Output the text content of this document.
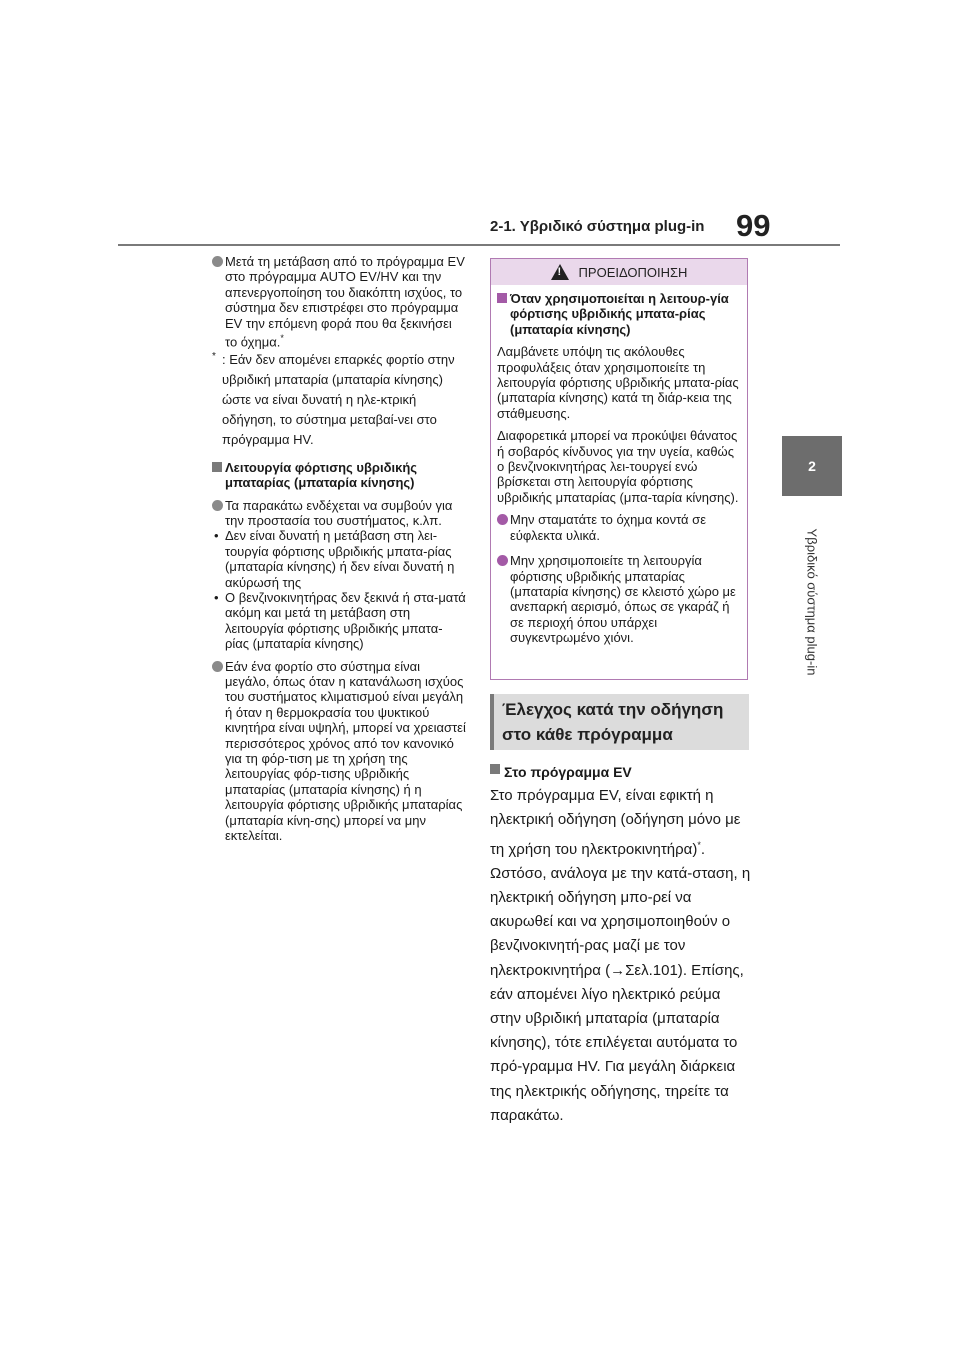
2-1. Υβριδικό σύστημα plug-in 99
2
Υβριδικό σύστημα plug-in
Μετά τη μετάβαση από το πρόγραμμα EV στο πρόγραμμα AUTO EV/HV και την απενεργοποίηση του διακόπτη ισχύος, το σύστημα δεν επιστρέφει στο πρόγραμμα EV την επόμενη φορά που θα ξεκινήσει το όχημα.*
* : Εάν δεν απομένει επαρκές φορτίο στην υβριδική μπαταρία (μπαταρία κίνησης) ώστε να είναι δυνατή η ηλε-κτρική οδήγηση, το σύστημα μεταβαί-νει στο πρόγραμμα HV.
Λειτουργία φόρτισης υβριδικής μπαταρίας (μπαταρία κίνησης)
Τα παρακάτω ενδέχεται να συμβούν για την προστασία του συστήματος, κ.λπ.
• Δεν είναι δυνατή η μετάβαση στη λει-τουργία φόρτισης υβριδικής μπατα-ρίας (μπαταρία κίνησης) ή δεν είναι δυνατή η ακύρωσή της
• Ο βενζινοκινητήρας δεν ξεκινά ή στα-ματά ακόμη και μετά τη μετάβαση στη λειτουργία φόρτισης υβριδικής μπατα-ρίας (μπαταρία κίνησης)
Εάν ένα φορτίο στο σύστημα είναι μεγάλο, όπως όταν η κατανάλωση ισχύος του συστήματος κλιματισμού είναι μεγάλη ή όταν η θερμοκρασία του ψυκτικού κινητήρα είναι υψηλή, μπορεί να χρειαστεί περισσότερος χρόνος από τον κανονικό για τη φόρ-τιση με τη χρήση της λειτουργίας φόρ-τισης υβριδικής μπαταρίας (μπαταρία κίνησης) ή η λειτουργία φόρτισης υβριδικής μπαταρίας (μπαταρία κίνη-σης) μπορεί να μην εκτελείται.
! ΠΡΟΕΙΔΟΠΟΙΗΣΗ
Όταν χρησιμοποιείται η λειτουρ-γία φόρτισης υβριδικής μπατα-ρίας (μπαταρία κίνησης)

Λαμβάνετε υπόψη τις ακόλουθες προφυλάξεις όταν χρησιμοποιείτε τη λειτουργία φόρτισης υβριδικής μπατα-ρίας (μπαταρία κίνησης) κατά τη διάρ-κεια της στάθμευσης.

Διαφορετικά μπορεί να προκύψει θάνατος ή σοβαρός κίνδυνος για την υγεία, καθώς ο βενζινοκινητήρας λει-τουργεί ενώ βρίσκεται στη λειτουργία φόρτισης υβριδικής μπαταρίας (μπα-ταρία κίνησης).

Μην σταματάτε το όχημα κοντά σε εύφλεκτα υλικά.
Μην χρησιμοποιείτε τη λειτουργία φόρτισης υβριδικής μπαταρίας (μπαταρία κίνησης) σε κλειστό χώρο με ανεπαρκή αερισμό, όπως σε γκαράζ ή σε περιοχή όπου υπάρχει συγκεντρωμένο χιόνι.
Έλεγχος κατά την οδήγηση στο κάθε πρόγραμμα
Στο πρόγραμμα EV

Στο πρόγραμμα EV, είναι εφικτή η ηλεκτρική οδήγηση (οδήγηση μόνο με τη χρήση του ηλεκτροκινητήρα)*. Ωστόσο, ανάλογα με την κατά-σταση, η ηλεκτρική οδήγηση μπο-ρεί να ακυρωθεί και να χρησιμοποιηθούν ο βενζινοκινητή-ρας μαζί με τον ηλεκτροκινητήρα (→Σελ.101). Επίσης, εάν απομένει λίγο ηλεκτρικό ρεύμα στην υβριδική μπαταρία (μπαταρία κίνησης), τότε επιλέγεται αυτόματα το πρό-γραμμα HV. Για μεγάλη διάρκεια της ηλεκτρικής οδήγησης, τηρείτε τα παρακάτω.
